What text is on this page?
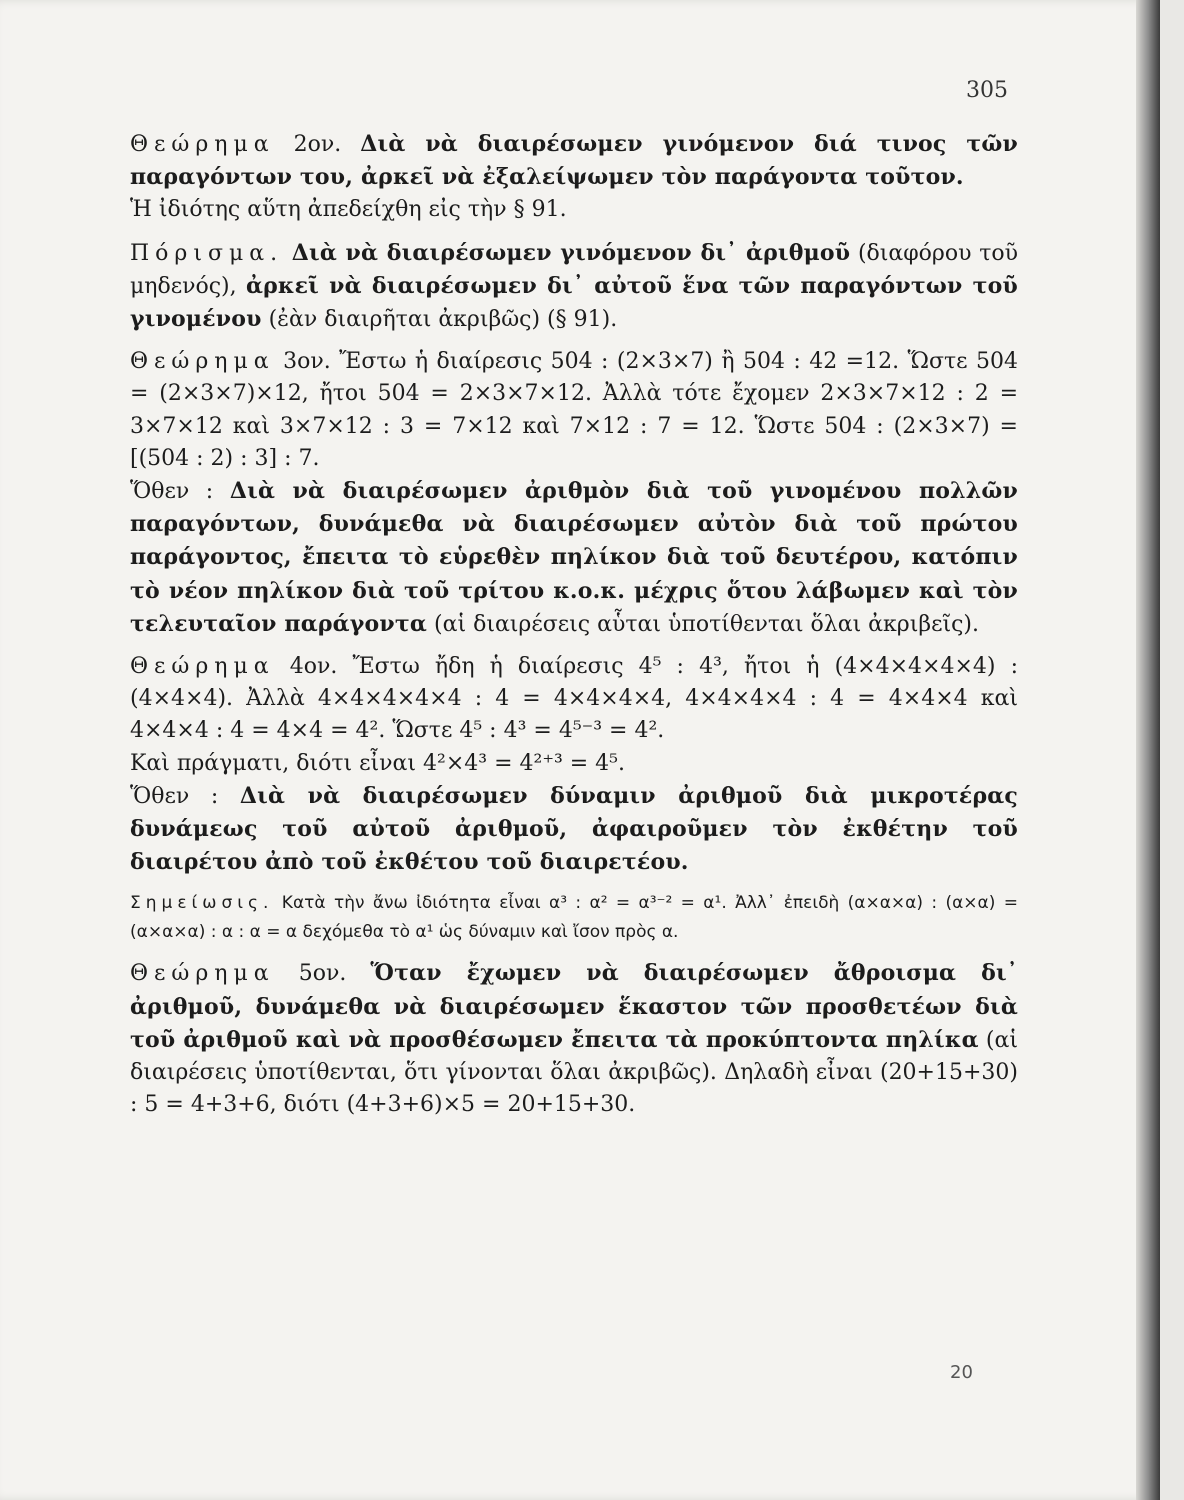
305

Θεώρημα 2ον. Διὰ νὰ διαιρέσωμεν γινόμενον διά τινος τῶν παραγόντων του, ἀρκεῖ νὰ ἐξαλείψωμεν τὸν παράγοντα τοῦτον.

Ἡ ἰδιότης αὕτη ἀπεδείχθη εἰς τὴν § 91.

Πόρισμα. Διὰ νὰ διαιρέσωμεν γινόμενον δι᾽ ἀριθμοῦ (διαφόρου τοῦ μηδενός), ἀρκεῖ νὰ διαιρέσωμεν δι᾽ αὐτοῦ ἕνα τῶν παραγόντων τοῦ γινομένου (ἐὰν διαιρῆται ἀκριβῶς) (§ 91).

Θεώρημα 3ον. Ἔστω ἡ διαίρεσις 504 : (2×3×7) ἢ 504 : 42 =12. Ὥστε 504 = (2×3×7)×12, ἤτοι 504 = 2×3×7×12. Ἀλλὰ τότε ἔχομεν 2×3×7×12 : 2 = 3×7×12 καὶ 3×7×12 : 3 = 7×12 καὶ 7×12 : 7 = 12. Ὥστε 504 : (2×3×7) = [(504 : 2) : 3] : 7.

Ὅθεν : Διὰ νὰ διαιρέσωμεν ἀριθμὸν διὰ τοῦ γινομένου πολλῶν παραγόντων, δυνάμεθα νὰ διαιρέσωμεν αὐτὸν διὰ τοῦ πρώτου παράγοντος, ἔπειτα τὸ εὑρεθὲν πηλίκον διὰ τοῦ δευτέρου, κατόπιν τὸ νέον πηλίκον διὰ τοῦ τρίτου κ.ο.κ. μέχρις ὅτου λάβωμεν καὶ τὸν τελευταῖον παράγοντα (αἱ διαιρέσεις αὗται ὑποτίθενται ὅλαι ἀκριβεῖς).

Θεώρημα 4ον. Ἔστω ἤδη ἡ διαίρεσις 4⁵ : 4³, ἤτοι ἡ (4×4×4×4×4) : (4×4×4). Ἀλλὰ 4×4×4×4×4 : 4 = 4×4×4×4, 4×4×4×4 : 4 = 4×4×4 καὶ 4×4×4 : 4 = 4×4 = 4². Ὥστε 4⁵ : 4³ = 4⁵⁻³ = 4².

Καὶ πράγματι, διότι εἶναι 4²×4³ = 4²⁺³ = 4⁵.

Ὅθεν : Διὰ νὰ διαιρέσωμεν δύναμιν ἀριθμοῦ διὰ μικροτέρας δυνάμεως τοῦ αὐτοῦ ἀριθμοῦ, ἀφαιροῦμεν τὸν ἐκθέτην τοῦ διαιρέτου ἀπὸ τοῦ ἐκθέτου τοῦ διαιρετέου.

Σημείωσις. Κατὰ τὴν ἄνω ἰδιότητα εἶναι α³ : α² = α³⁻² = α¹. Ἀλλ᾽ ἐπειδὴ (α×α×α) : (α×α) = (α×α×α) : α : α = α δεχόμεθα τὸ α¹ ὡς δύναμιν καὶ ἴσον πρὸς α.

Θεώρημα 5ον. Ὅταν ἔχωμεν νὰ διαιρέσωμεν ἄθροισμα δι᾽ ἀριθμοῦ, δυνάμεθα νὰ διαιρέσωμεν ἕκαστον τῶν προσθετέων διὰ τοῦ ἀριθμοῦ καὶ νὰ προσθέσωμεν ἔπειτα τὰ προκύπτοντα πηλίκα (αἱ διαιρέσεις ὑποτίθενται, ὅτι γίνονται ὅλαι ἀκριβῶς). Δηλαδὴ εἶναι (20+15+30) : 5 = 4+3+6, διότι (4+3+6)×5 = 20+15+30.

20
